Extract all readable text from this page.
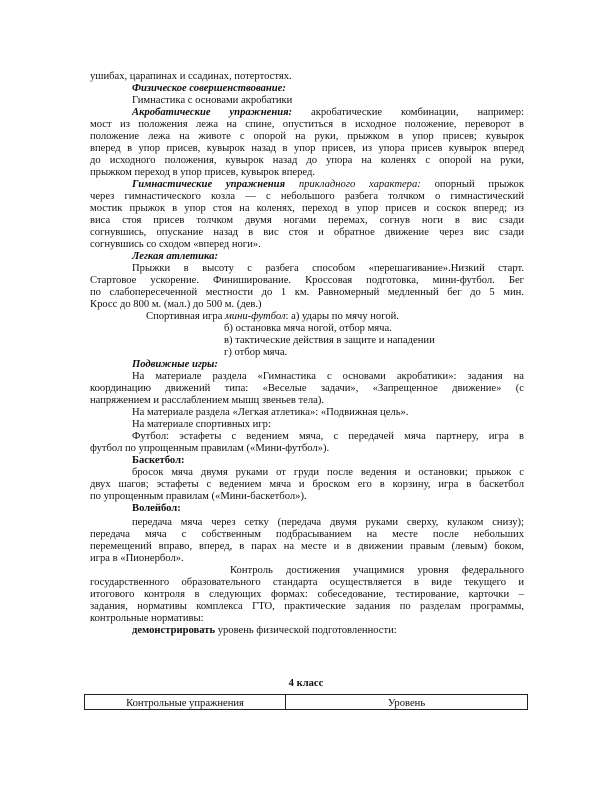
ушибах, царапинах и ссадинах, потертостях.
Физическое совершенствование:
Гимнастика с основами акробатики
Акробатические упражнения: акробатические комбинации, например:
мост из положения лежа на спине, опуститься в исходное положение, переворот в
положение лежа на животе с опорой на руки, прыжком в упор присев; кувырок
вперед в упор присев, кувырок назад в упор присев, из упора присев кувырок вперед
до исходного положения, кувырок назад до упора на коленях с опорой на руки,
прыжком переход в упор присев, кувырок вперед.
Гимнастические упражнения прикладного характера: опорный прыжок
через гимнастического козла — с небольшого разбега толчком о гимнастический
мостик прыжок в упор стоя на коленях, переход в упор присев и соскок вперед; из
виса стоя присев толчком двумя ногами перемах, согнув ноги в вис сзади
согнувшись, опускание назад в вис стоя и обратное движение через вис сзади
согнувшись со сходом «вперед ноги».
Легкая атлетика:
Прыжки в высоту с разбега способом «перешагивание».Низкий старт.
Стартовое ускорение. Финиширование. Кроссовая подготовка, мини-футбол. Бег
по слабопересеченной местности до 1 км. Равномерный медленный бег до 5 мин.
Кросс до 800 м. (мал.) до 500 м. (дев.)
Спортивная игра мини-футбол: а) удары по мячу ногой.
б) остановка мяча ногой, отбор мяча.
в) тактические действия в защите и нападении
г) отбор мяча.
Подвижные игры:
На материале раздела «Гимнастика с основами акробатики»: задания на
координацию движений типа: «Веселые задачи», «Запрещенное движение» (с
напряжением и расслаблением мышц звеньев тела).
На материале раздела «Легкая атлетика»: «Подвижная цель».
На материале спортивных игр:
Футбол: эстафеты с ведением мяча, с передачей мяча партнеру, игра в
футбол по упрощенным правилам («Мини-футбол»).
Баскетбол:
бросок мяча двумя руками от груди после ведения и остановки; прыжок с
двух шагов; эстафеты с ведением мяча и броском его в корзину, игра в баскетбол
по упрощенным правилам («Мини-баскетбол»).
Волейбол:
передача мяча через сетку (передача двумя руками сверху, кулаком снизу);
передача мяча с собственным подбрасыванием на месте после небольших
перемещений вправо, вперед, в парах на месте и в движении правым (левым) боком,
игра в «Пионербол».
Контроль достижения учащимися уровня федерального
государственного образовательного стандарта осуществляется в виде текущего и
итогового контроля в следующих формах: собеседование, тестирование, карточки –
задания, нормативы комплекса ГТО, практические задания по разделам программы,
контрольные нормативы:
демонстрировать уровень физической подготовленности:
4 класс
Контрольные упражнения	Уровень
